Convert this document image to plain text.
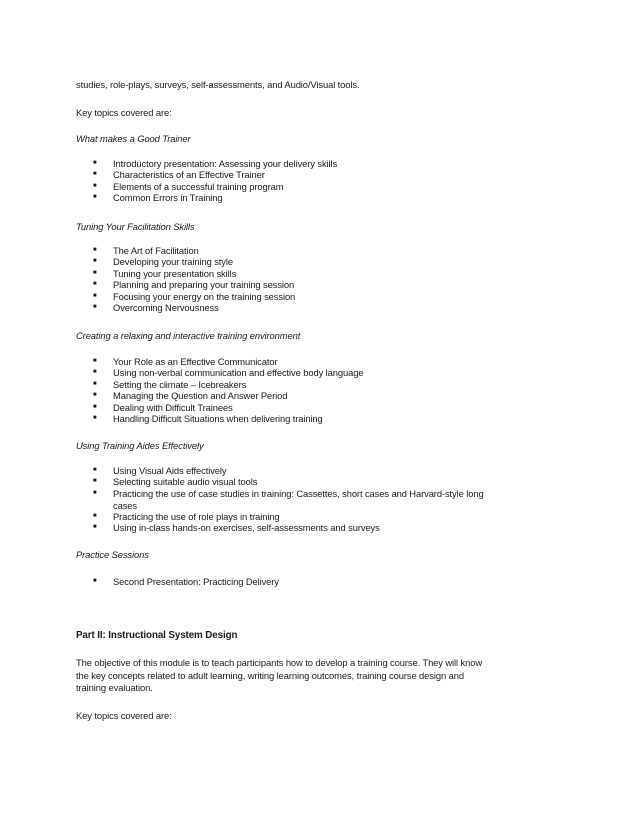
studies, role-plays, surveys, self-assessments, and Audio/Visual tools.
Key topics covered are:
What makes a Good Trainer
■ Introductory presentation: Assessing your delivery skills
■ Characteristics of an Effective Trainer
■ Elements of a successful training program
■ Common Errors in Training
Tuning Your Facilitation Skills
■ The Art of Facilitation
■ Developing your training style
■ Tuning your presentation skills
■ Planning and preparing your training session
■ Focusing your energy on the training session
■ Overcoming Nervousness
Creating a relaxing and interactive training environment
■ Your Role as an Effective Communicator
■ Using non-verbal communication and effective body language
■ Setting the climate – Icebreakers
■ Managing the Question and Answer Period
■ Dealing with Difficult Trainees
■ Handling Difficult Situations when delivering training
Using Training Aides Effectively
■ Using Visual Aids effectively
■ Selecting suitable audio visual tools
■ Practicing the use of case studies in training: Cassettes, short cases and Harvard-style long
cases
■ Practicing the use of role plays in training
■ Using in-class hands-on exercises, self-assessments and surveys
Practice Sessions
■ Second Presentation: Practicing Delivery
Part II: Instructional System Design
The objective of this module is to teach participants how to develop a training course. They will know
the key concepts related to adult learning, writing learning outcomes, training course design and
training evaluation.
Key topics covered are:
